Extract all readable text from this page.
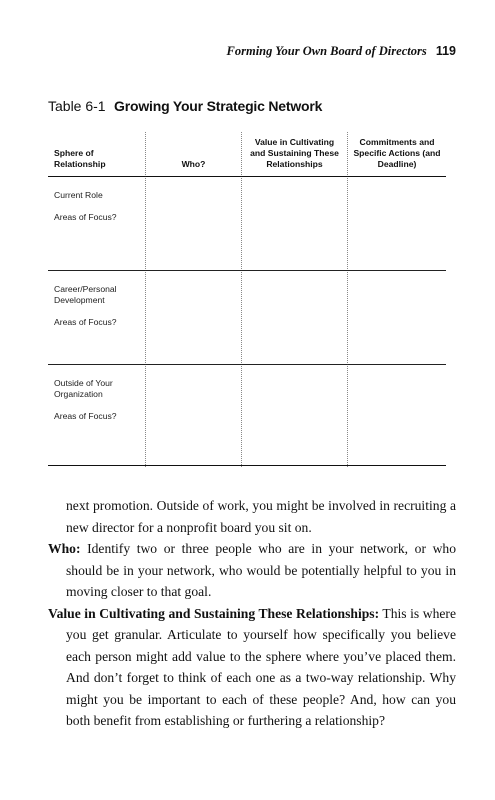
Forming Your Own Board of Directors 119
Table 6-1 Growing Your Strategic Network
Sphere of
Relationship	Who?
Value in Cultivating
and Sustaining These
Relationships
Commitments and
Specific Actions (and
Deadline)
Current Role
Areas of Focus?
Career/Personal
Development
Areas of Focus?
Outside of Your
Organization
Areas of Focus?

next promotion. Outside of work, you might be involved in recruiting a new director for a nonprofit board you sit on.

Who: Identify two or three people who are in your network, or who should be in your network, who would be potentially helpful to you in moving closer to that goal.

Value in Cultivating and Sustaining These Relationships: This is where you get granular. Articulate to yourself how specifically you believe each person might add value to the sphere where you’ve placed them. And don’t forget to think of each one as a two-way relationship. Why might you be important to each of these people? And, how can you both benefit from establishing or furthering a relationship?
